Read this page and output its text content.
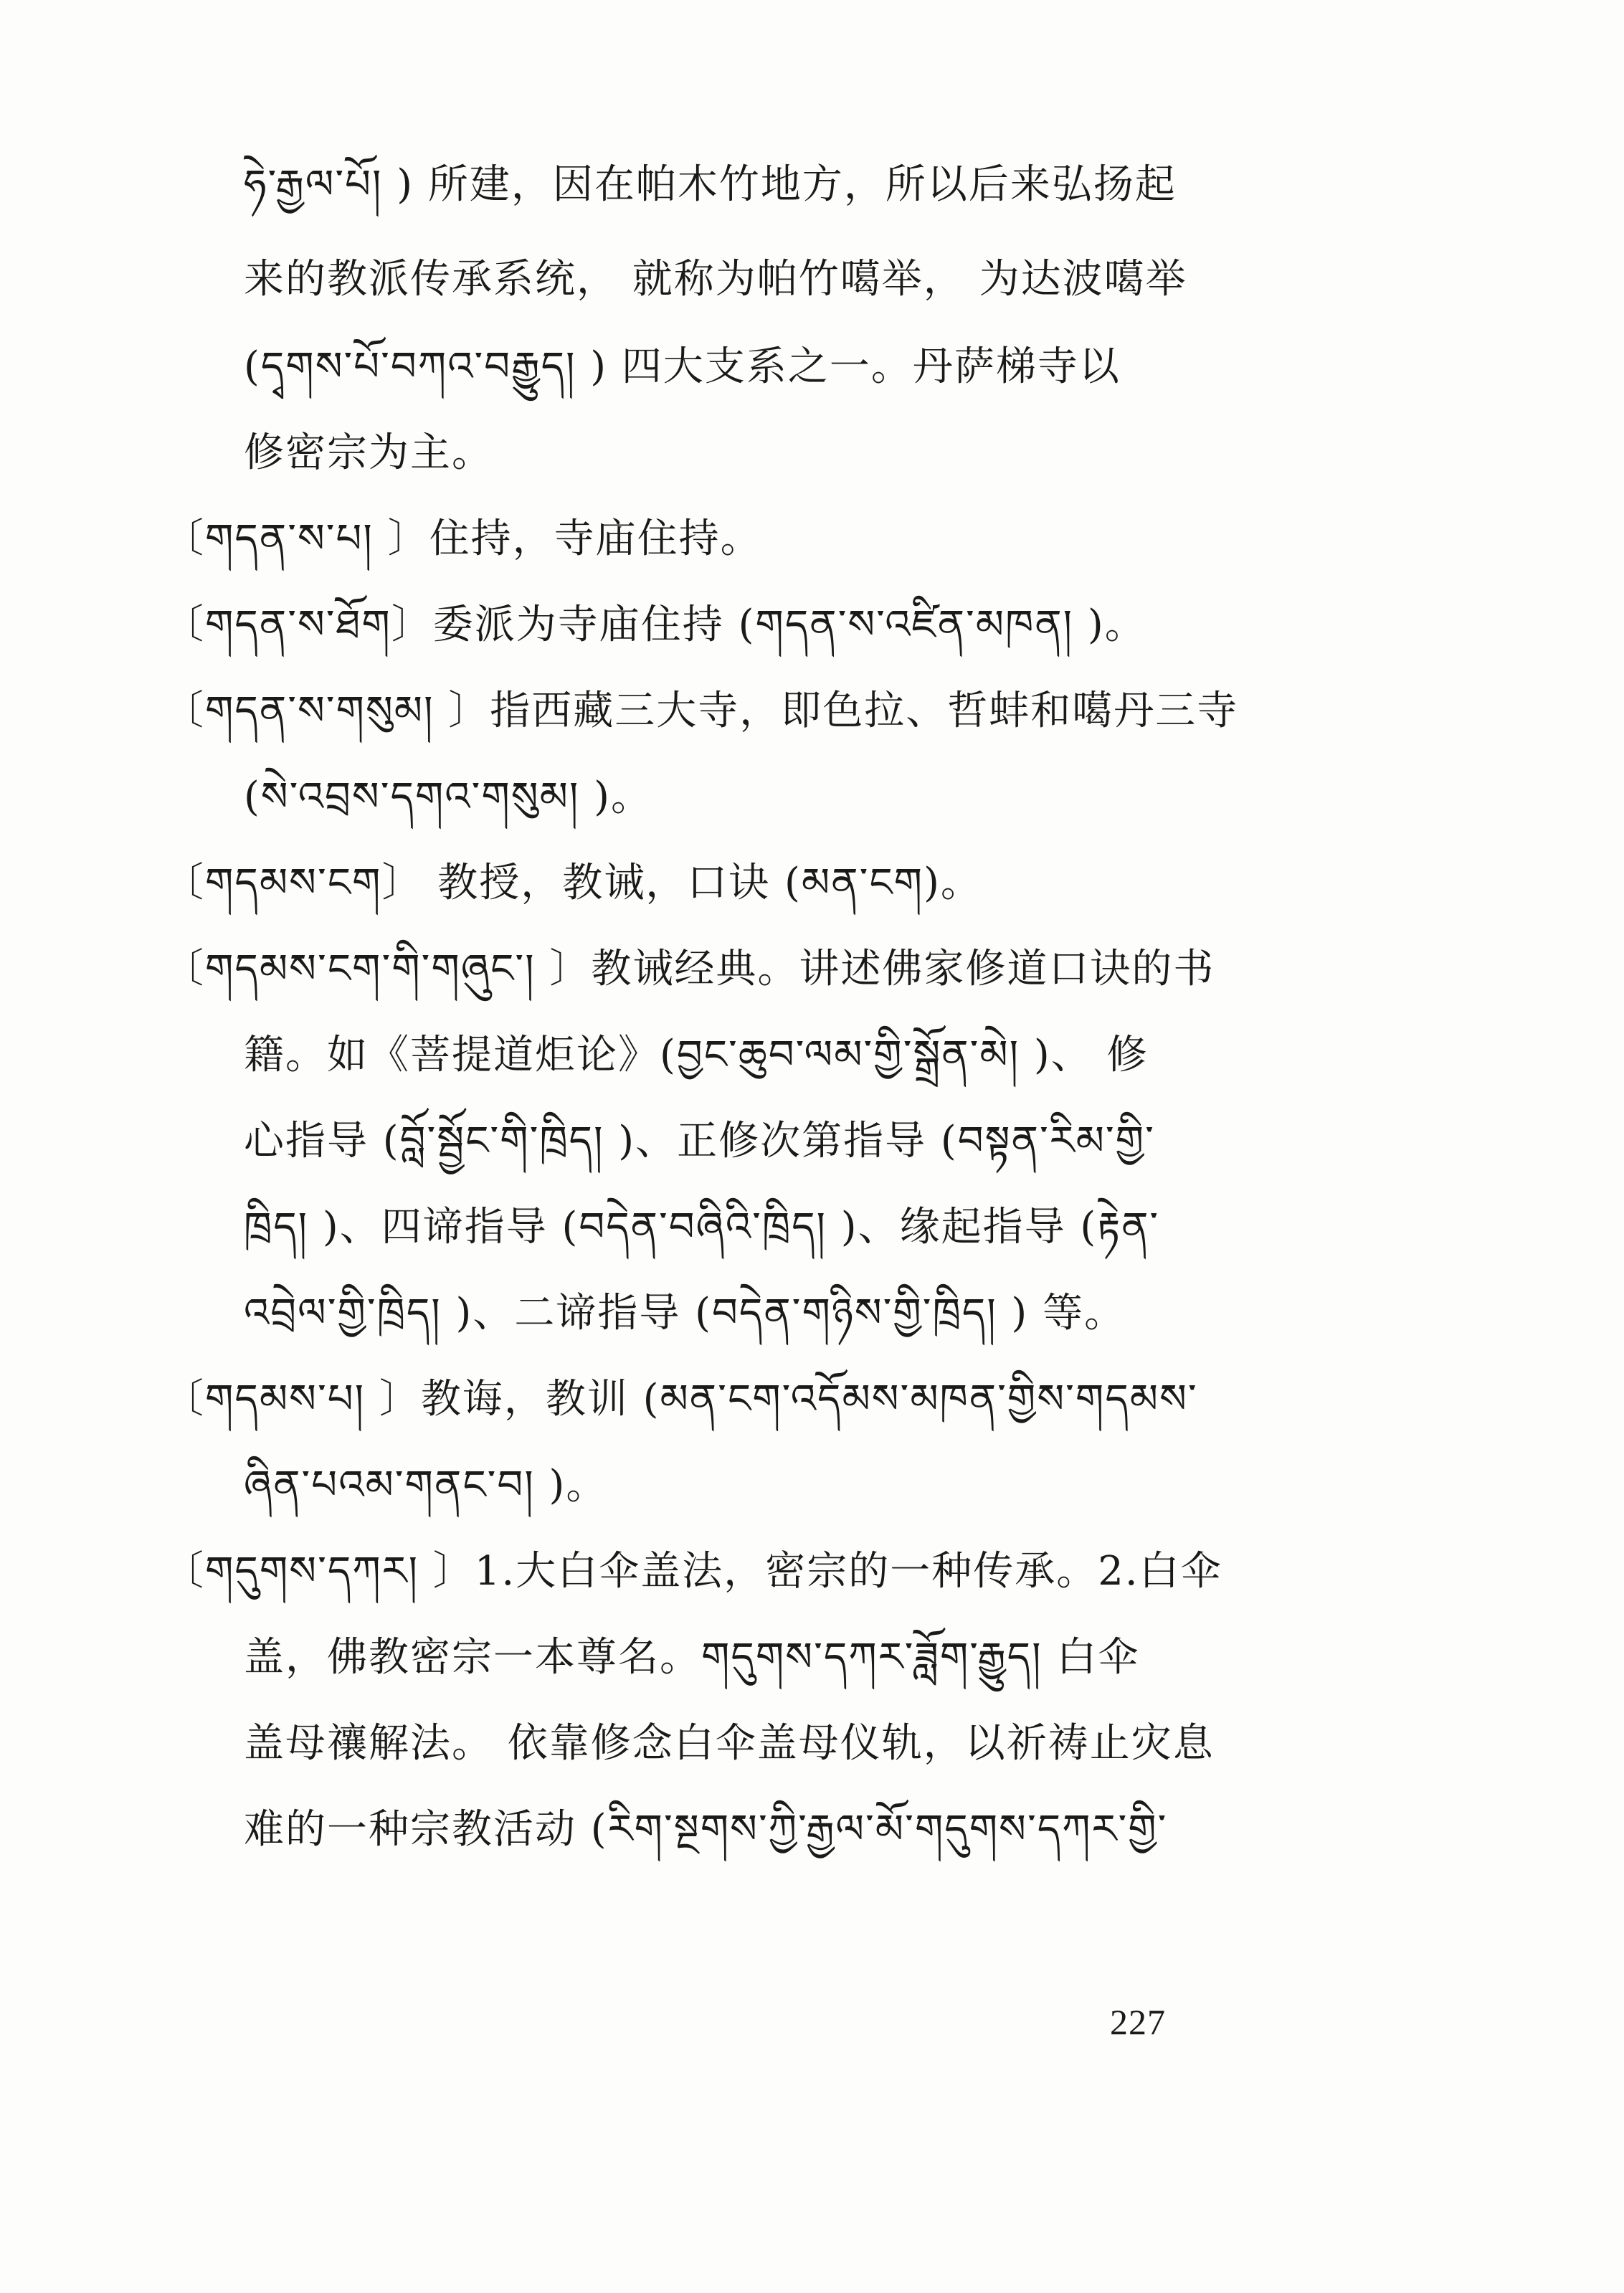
ཧེ་རྒྱལ་པོ། ) 所建，因在帕木竹地方，所以后来弘扬起
来的教派传承系统， 就称为帕竹噶举， 为达波噶举
(དྭགས་པོ་བཀའ་བརྒྱུད། ) 四大支系之一。丹萨梯寺以
修密宗为主。
〔གདན་ས་པ། 〕住持，寺庙住持。
〔གདན་ས་ཐོག〕委派为寺庙住持 (གདན་ས་འཛིན་མཁན། )。
〔གདན་ས་གསུམ། 〕指西藏三大寺，即色拉、哲蚌和噶丹三寺
(སེ་འབྲས་དགའ་གསུམ། )。
〔གདམས་ངག〕 教授，教诫，口诀 (མན་ངག)。
〔གདམས་ངག་གི་གཞུང་། 〕教诫经典。讲述佛家修道口诀的书
籍。如《菩提道炬论》(བྱང་ཆུབ་ལམ་གྱི་སྒྲོན་མེ། )、 修
心指导 (བློ་སྦྱོང་གི་ཁྲིད། )、正修次第指导 (བསྟན་རིམ་གྱི་
ཁྲིད། )、四谛指导 (བདེན་བཞིའི་ཁྲིད། )、缘起指导 (རྟེན་
འབྲེལ་གྱི་ཁྲིད། )、二谛指导 (བདེན་གཉིས་གྱི་ཁྲིད། ) 等。
〔གདམས་པ། 〕教诲，教训 (མན་ངག་འདོམས་མཁན་གྱིས་གདམས་
ཞིན་པའམ་གནང་བ། )。
〔གདུགས་དཀར། 〕1.大白伞盖法，密宗的一种传承。2.白伞
盖，佛教密宗一本尊名。གདུགས་དཀར་ཟློག་རྒྱུད། 白伞
盖母禳解法。 依靠修念白伞盖母仪轨，以祈祷止灾息
难的一种宗教活动 (རིག་སྔགས་ཀྱི་རྒྱལ་མོ་གདུགས་དཀར་གྱི་
227
